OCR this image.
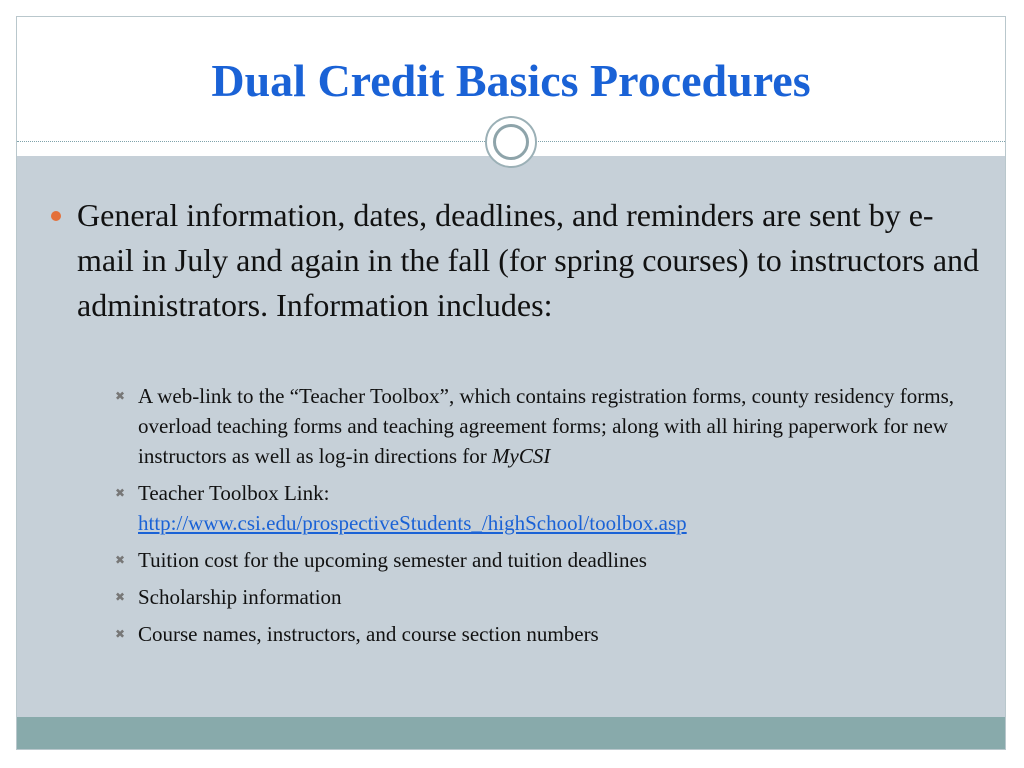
Dual Credit Basics Procedures

General information, dates, deadlines, and reminders are sent by e-mail in July and again in the fall (for spring courses) to instructors and administrators. Information includes:

✖ A web-link to the “Teacher Toolbox”, which contains registration forms, county residency forms, overload teaching forms and teaching agreement forms; along with all hiring paperwork for new instructors as well as log-in directions for MyCSI
✖ Teacher Toolbox Link:
http://www.csi.edu/prospectiveStudents_/highSchool/toolbox.asp
✖ Tuition cost for the upcoming semester and tuition deadlines
✖ Scholarship information
✖ Course names, instructors, and course section numbers
